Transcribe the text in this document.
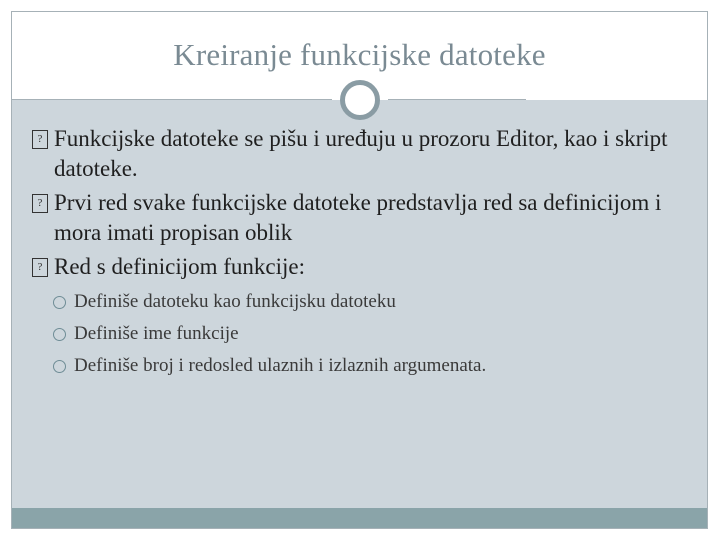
Kreiranje funkcijske datoteke
? Funkcijske datoteke se pišu i uređuju u prozoru Editor, kao i skript datoteke.
? Prvi red svake funkcijske datoteke predstavlja red sa definicijom i mora imati propisan oblik
? Red s definicijom funkcije:
Definiše datoteku kao funkcijsku datoteku
Definiše ime funkcije
Definiše broj i redosled ulaznih i izlaznih argumenata.
